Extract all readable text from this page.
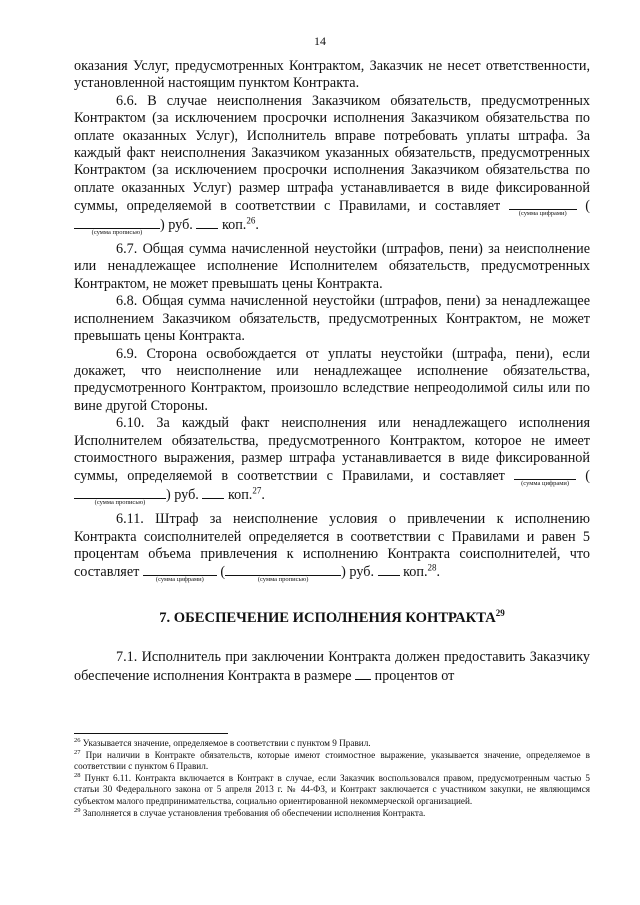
14

оказания Услуг, предусмотренных Контрактом, Заказчик не несет ответственности, установленной настоящим пунктом Контракта.

6.6. В случае неисполнения Заказчиком обязательств, предусмотренных Контрактом (за исключением просрочки исполнения Заказчиком обязательства по оплате оказанных Услуг), Исполнитель вправе потребовать уплаты штрафа. За каждый факт неисполнения Заказчиком указанных обязательств, предусмотренных Контрактом (за исключением просрочки исполнения Заказчиком обязательства по оплате оказанных Услуг) размер штрафа устанавливается в виде фиксированной суммы, определяемой в соответствии с Правилами, и составляет	(сумма цифрами)	(
(сумма прописью)	) руб. коп.$^{26}$.

6.7. Общая сумма начисленной неустойки (штрафов, пени) за неисполнение или ненадлежащее исполнение Исполнителем обязательств, предусмотренных Контрактом, не может превышать цены Контракта.

6.8. Общая сумма начисленной неустойки (штрафов, пени) за ненадлежащее исполнением Заказчиком обязательств, предусмотренных Контрактом, не может превышать цены Контракта.

6.9. Сторона освобождается от уплаты неустойки (штрафа, пени), если докажет, что неисполнение или ненадлежащее исполнение обязательства, предусмотренного Контрактом, произошло вследствие непреодолимой силы или по вине другой Стороны.

6.10. За каждый факт неисполнения или ненадлежащего исполнения Исполнителем обязательства, предусмотренного Контрактом, которое не имеет стоимостного выражения, размер штрафа устанавливается в виде фиксированной суммы, определяемой в соответствии с Правилами, и составляет	(сумма цифрами)	(
(сумма прописью)	) руб. коп.$^{27}$.

6.11. Штраф за неисполнение условия о привлечении к исполнению Контракта соисполнителей определяется в соответствии с Правилами и равен 5 процентам объема привлечения к исполнению Контракта соисполнителей, что составляет	(сумма цифрами)	(	(сумма прописью)	) руб. коп.$^{28}$.

7. ОБЕСПЕЧЕНИЕ ИСПОЛНЕНИЯ КОНТРАКТА$^{29}$

7.1. Исполнитель при заключении Контракта должен предоставить Заказчику обеспечение исполнения Контракта в размере процентов от

$^{26}$ Указывается значение, определяемое в соответствии с пунктом 9 Правил.

$^{27}$ При наличии в Контракте обязательств, которые имеют стоимостное выражение, указывается значение, определяемое в соответствии с пунктом 6 Правил.

$^{28}$ Пункт 6.11. Контракта включается в Контракт в случае, если Заказчик воспользовался правом, предусмотренным частью 5 статьи 30 Федерального закона от 5 апреля 2013 г. № 44-ФЗ, и Контракт заключается с участником закупки, не являющимся субъектом малого предпринимательства, социально ориентированной некоммерческой организацией.

$^{29}$ Заполняется в случае установления требования об обеспечении исполнения Контракта.
